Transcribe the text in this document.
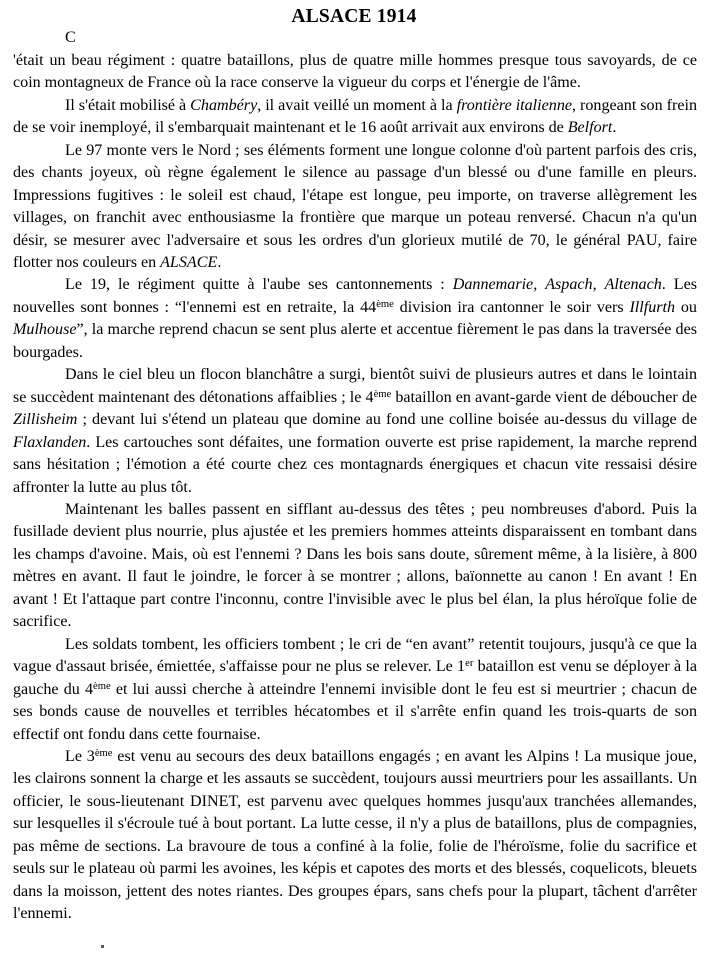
ALSACE 1914

C
'était un beau régiment : quatre bataillons, plus de quatre mille hommes presque tous savoyards, de ce coin montagneux de France où la race conserve la vigueur du corps et l'énergie de l'âme.

Il s'était mobilisé à Chambéry, il avait veillé un moment à la frontière italienne, rongeant son frein de se voir inemployé, il s'embarquait maintenant et le 16 août arrivait aux environs de Belfort.

Le 97 monte vers le Nord ; ses éléments forment une longue colonne d'où partent parfois des cris, des chants joyeux, où règne également le silence au passage d'un blessé ou d'une famille en pleurs. Impressions fugitives : le soleil est chaud, l'étape est longue, peu importe, on traverse allègrement les villages, on franchit avec enthousiasme la frontière que marque un poteau renversé. Chacun n'a qu'un désir, se mesurer avec l'adversaire et sous les ordres d'un glorieux mutilé de 70, le général PAU, faire flotter nos couleurs en ALSACE.

Le 19, le régiment quitte à l'aube ses cantonnements : Dannemarie, Aspach, Altenach. Les nouvelles sont bonnes : “l'ennemi est en retraite, la 44ème division ira cantonner le soir vers Illfurth ou Mulhouse”, la marche reprend chacun se sent plus alerte et accentue fièrement le pas dans la traversée des bourgades.

Dans le ciel bleu un flocon blanchâtre a surgi, bientôt suivi de plusieurs autres et dans le lointain se succèdent maintenant des détonations affaiblies ; le 4ème bataillon en avant-garde vient de déboucher de Zillisheim ; devant lui s'étend un plateau que domine au fond une colline boisée au-dessus du village de Flaxlanden. Les cartouches sont défaites, une formation ouverte est prise rapidement, la marche reprend sans hésitation ; l'émotion a été courte chez ces montagnards énergiques et chacun vite ressaisi désire affronter la lutte au plus tôt.

Maintenant les balles passent en sifflant au-dessus des têtes ; peu nombreuses d'abord. Puis la fusillade devient plus nourrie, plus ajustée et les premiers hommes atteints disparaissent en tombant dans les champs d'avoine. Mais, où est l'ennemi ? Dans les bois sans doute, sûrement même, à la lisière, à 800 mètres en avant. Il faut le joindre, le forcer à se montrer ; allons, baïonnette au canon ! En avant ! En avant ! Et l'attaque part contre l'inconnu, contre l'invisible avec le plus bel élan, la plus héroïque folie de sacrifice.

Les soldats tombent, les officiers tombent ; le cri de “en avant” retentit toujours, jusqu'à ce que la vague d'assaut brisée, émiettée, s'affaisse pour ne plus se relever. Le 1er bataillon est venu se déployer à la gauche du 4ème et lui aussi cherche à atteindre l'ennemi invisible dont le feu est si meurtrier ; chacun de ses bonds cause de nouvelles et terribles hécatombes et il s'arrête enfin quand les trois-quarts de son effectif ont fondu dans cette fournaise.

Le 3ème est venu au secours des deux bataillons engagés ; en avant les Alpins ! La musique joue, les clairons sonnent la charge et les assauts se succèdent, toujours aussi meurtriers pour les assaillants. Un officier, le sous-lieutenant DINET, est parvenu avec quelques hommes jusqu'aux tranchées allemandes, sur lesquelles il s'écroule tué à bout portant. La lutte cesse, il n'y a plus de bataillons, plus de compagnies, pas même de sections. La bravoure de tous a confiné à la folie, folie de l'héroïsme, folie du sacrifice et seuls sur le plateau où parmi les avoines, les képis et capotes des morts et des blessés, coquelicots, bleuets dans la moisson, jettent des notes riantes. Des groupes épars, sans chefs pour la plupart, tâchent d'arrêter l'ennemi.
